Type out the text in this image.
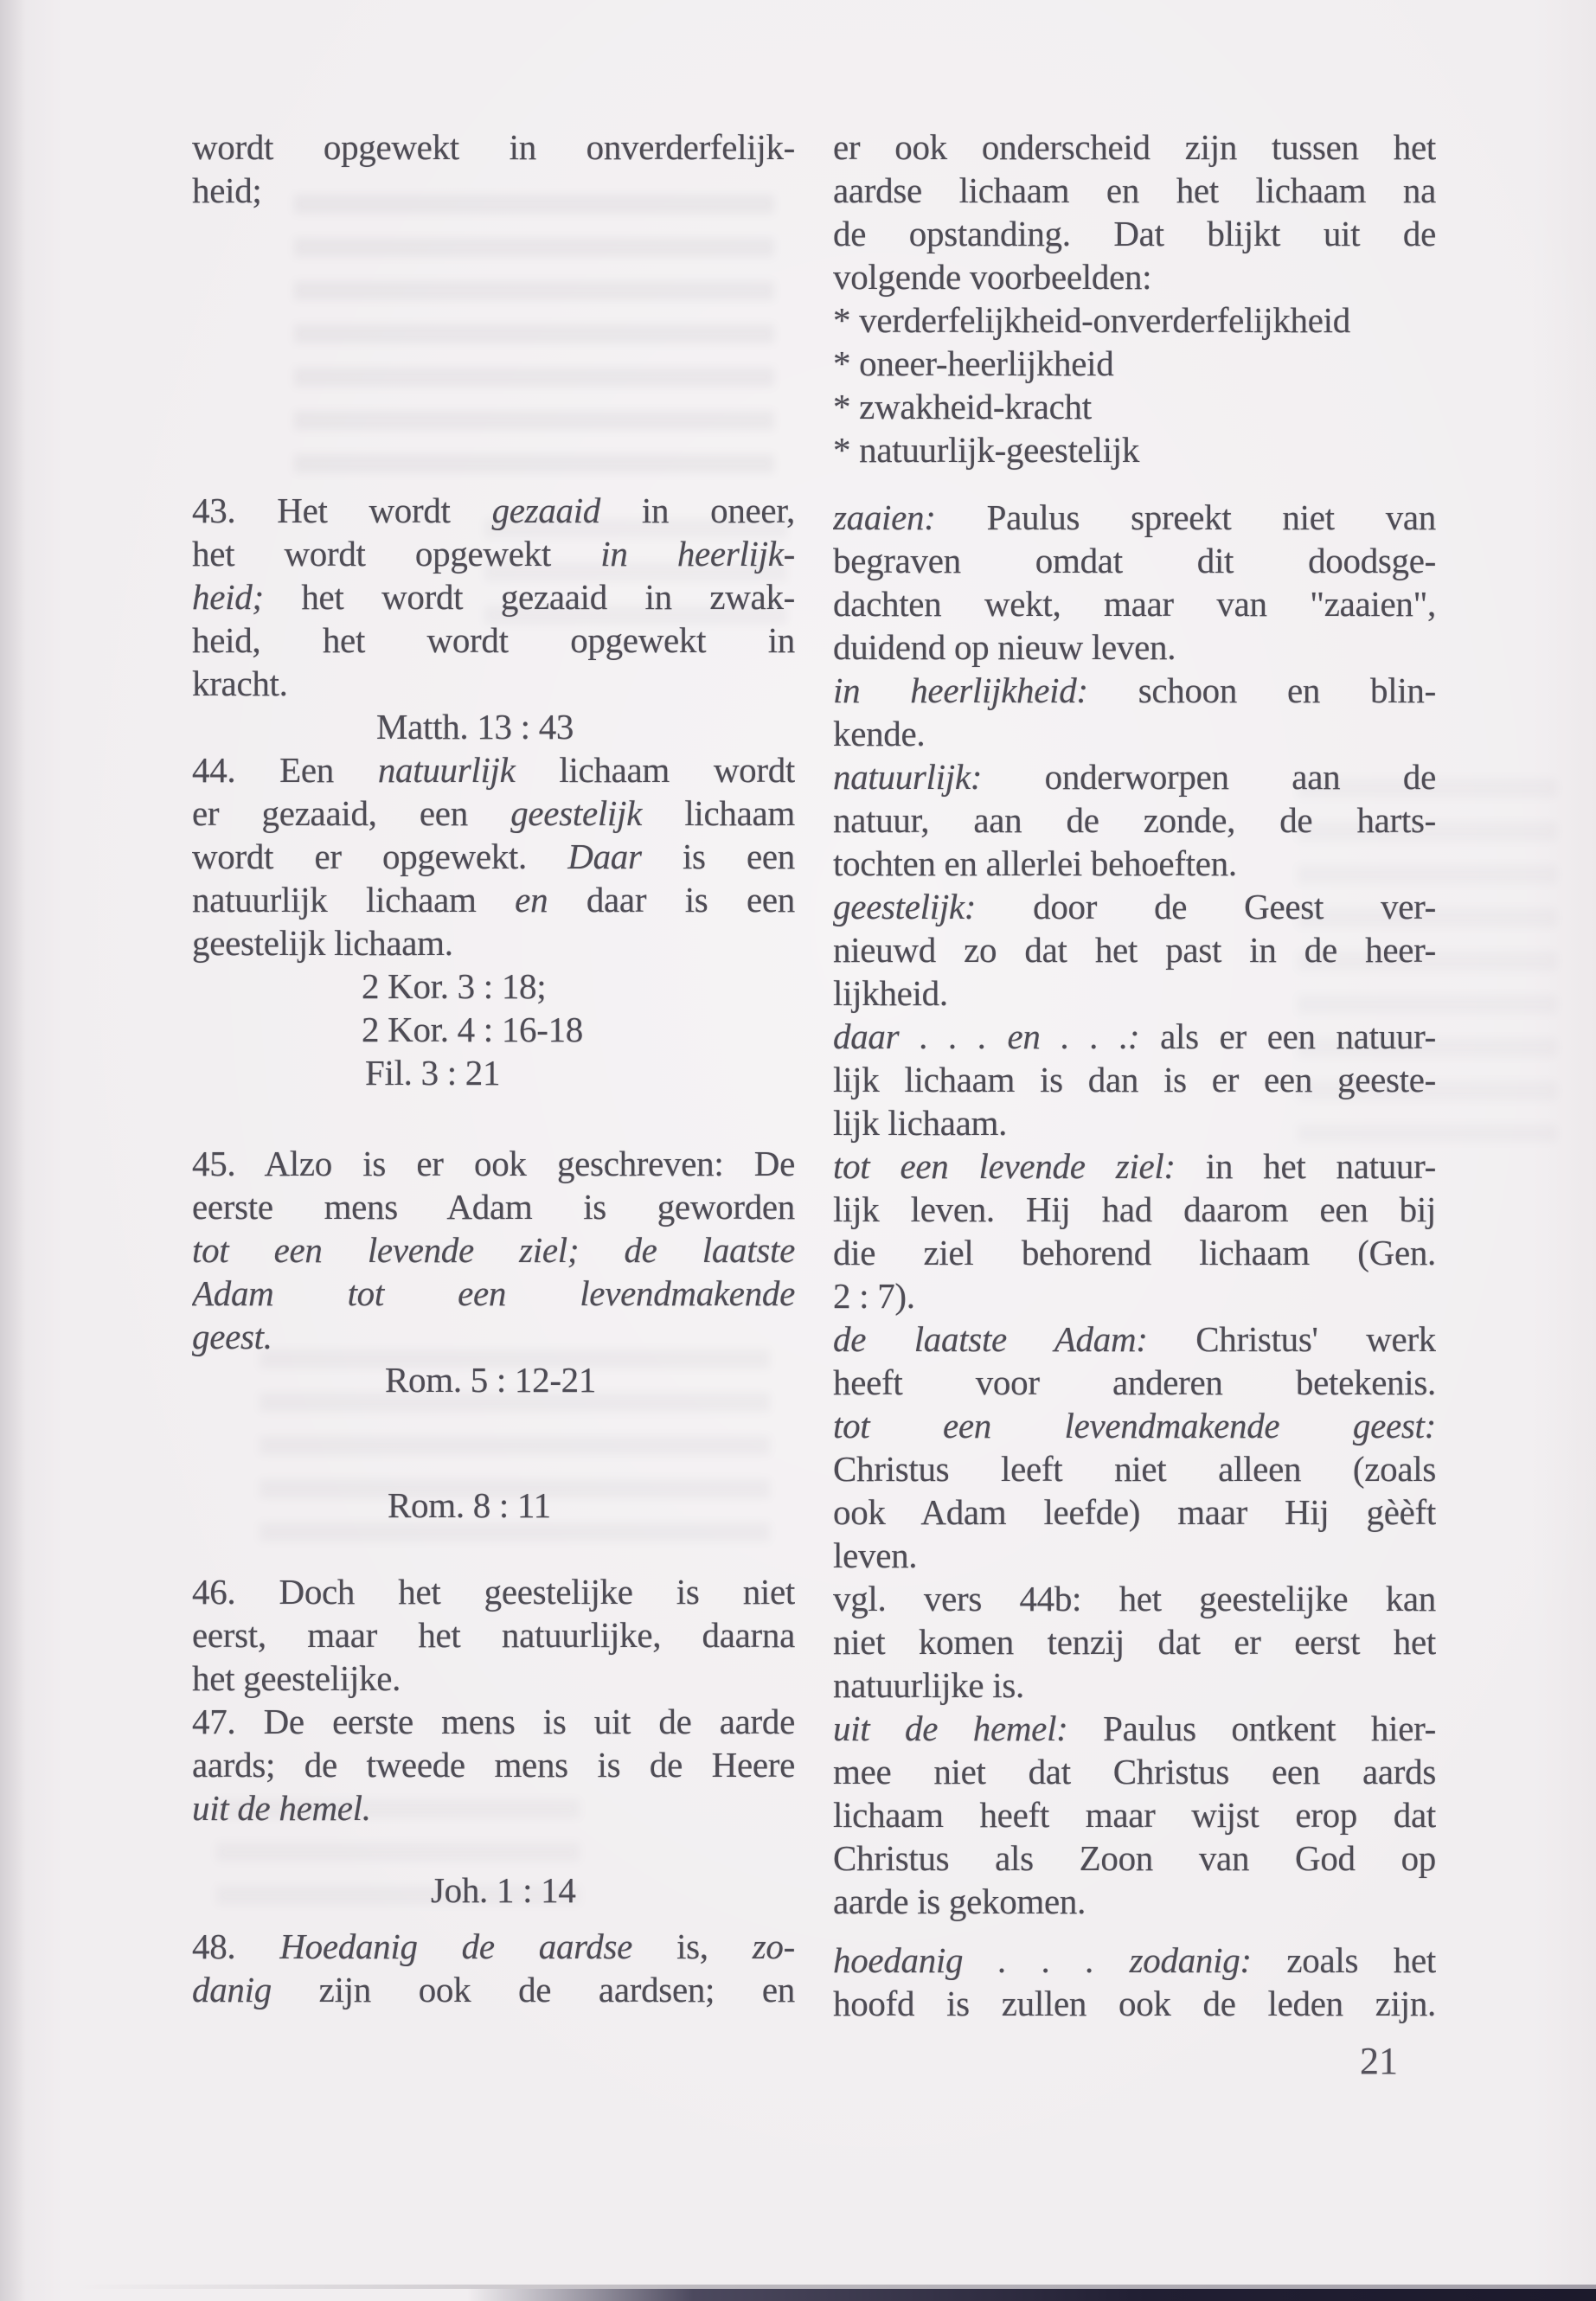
wordt opgewekt in onverderfelijk-
heid;
43. Het wordt gezaaid in oneer,
het wordt opgewekt in heerlijk-
heid; het wordt gezaaid in zwak-
heid, het wordt opgewekt in
kracht.
Matth. 13 : 43
44. Een natuurlijk lichaam wordt
er gezaaid, een geestelijk lichaam
wordt er opgewekt. Daar is een
natuurlijk lichaam en daar is een
geestelijk lichaam.
2 Kor. 3 : 18;
2 Kor. 4 : 16-18
Fil. 3 : 21
45. Alzo is er ook geschreven: De
eerste mens Adam is geworden
tot een levende ziel; de laatste
Adam tot een levendmakende
geest.
Rom. 5 : 12-21
Rom. 8 : 11
46. Doch het geestelijke is niet
eerst, maar het natuurlijke, daarna
het geestelijke.
47. De eerste mens is uit de aarde
aards; de tweede mens is de Heere
uit de hemel.
Joh. 1 : 14
48. Hoedanig de aardse is, zo-
danig zijn ook de aardsen; en
er ook onderscheid zijn tussen het
aardse lichaam en het lichaam na
de opstanding. Dat blijkt uit de
volgende voorbeelden:
* verderfelijkheid-onverderfelijkheid
* oneer-heerlijkheid
* zwakheid-kracht
* natuurlijk-geestelijk
zaaien: Paulus spreekt niet van
begraven omdat dit doodsge-
dachten wekt, maar van "zaaien",
duidend op nieuw leven.
in heerlijkheid: schoon en blin-
kende.
natuurlijk: onderworpen aan de
natuur, aan de zonde, de harts-
tochten en allerlei behoeften.
geestelijk: door de Geest ver-
nieuwd zo dat het past in de heer-
lijkheid.
daar . . . en . . .: als er een natuur-
lijk lichaam is dan is er een geeste-
lijk lichaam.
tot een levende ziel: in het natuur-
lijk leven. Hij had daarom een bij
die ziel behorend lichaam (Gen.
2 : 7).
de laatste Adam: Christus' werk
heeft voor anderen betekenis.
tot een levendmakende geest:
Christus leeft niet alleen (zoals
ook Adam leefde) maar Hij gèèft
leven.
vgl. vers 44b: het geestelijke kan
niet komen tenzij dat er eerst het
natuurlijke is.
uit de hemel: Paulus ontkent hier-
mee niet dat Christus een aards
lichaam heeft maar wijst erop dat
Christus als Zoon van God op
aarde is gekomen.
hoedanig . . . zodanig: zoals het
hoofd is zullen ook de leden zijn.
21
